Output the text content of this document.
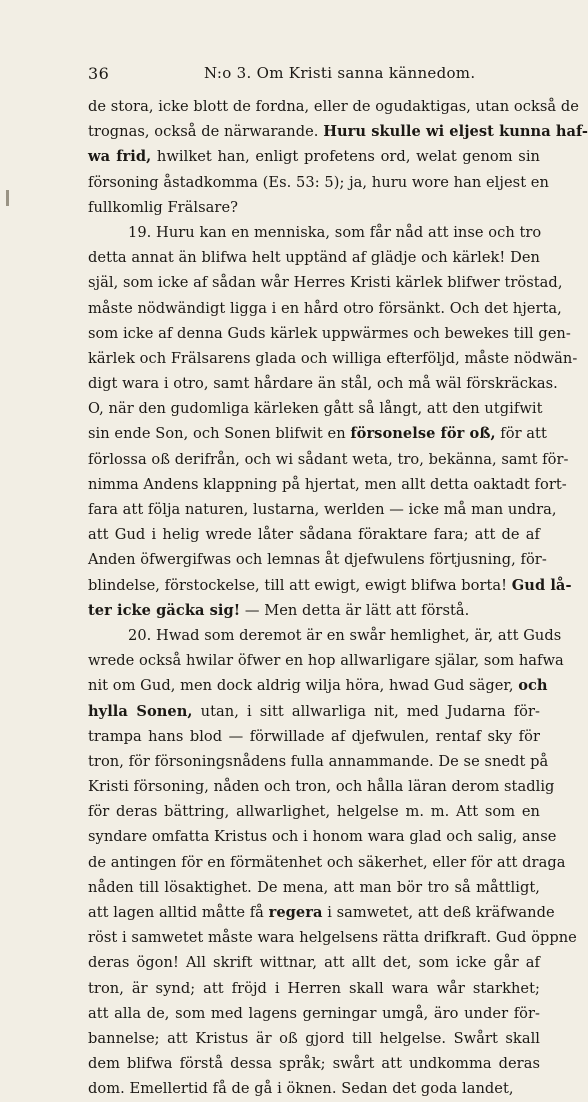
36	N:o 3. Om Kristi sanna kännedom.
de stora, icke blott de fordna, eller de ogudaktigas, utan också de
trognas, också de närwarande. Huru skulle wi eljest kunna haf-
wa frid, hwilket han, enligt profetens ord, welat genom sin
försoning åstadkomma (Es. 53: 5); ja, huru wore han eljest en
fullkomlig Frälsare?
19. Huru kan en menniska, som får nåd att inse och tro
detta annat än blifwa helt upptänd af glädje och kärlek! Den
själ, som icke af sådan wår Herres Kristi kärlek blifwer tröstad,
måste nödwändigt ligga i en hård otro försänkt. Och det hjerta,
som icke af denna Guds kärlek uppwärmes och bewekes till gen-
kärlek och Frälsarens glada och williga efterföljd, måste nödwän-
digt wara i otro, samt hårdare än stål, och må wäl förskräckas.
O, när den gudomliga kärleken gått så långt, att den utgifwit
sin ende Son, och Sonen blifwit en försonelse för oß, för att
förlossa oß derifrån, och wi sådant weta, tro, bekänna, samt för-
nimma Andens klappning på hjertat, men allt detta oaktadt fort-
fara att följa naturen, lustarna, werlden — icke må man undra,
att Gud i helig wrede låter sådana föraktare fara; att de af
Anden öfwergifwas och lemnas åt djefwulens förtjusning, för-
blindelse, förstockelse, till att ewigt, ewigt blifwa borta! Gud lå-
ter icke gäcka sig! — Men detta är lätt att förstå.
20. Hwad som deremot är en swår hemlighet, är, att Guds
wrede också hwilar öfwer en hop allwarligare själar, som hafwa
nit om Gud, men dock aldrig wilja höra, hwad Gud säger, och
hylla Sonen, utan, i sitt allwarliga nit, med Judarna för-
trampa hans blod — förwillade af djefwulen, rentaf sky för
tron, för försoningsnådens fulla annammande. De se snedt på
Kristi försoning, nåden och tron, och hålla läran derom stadlig
för deras bättring, allwarlighet, helgelse m. m. Att som en
syndare omfatta Kristus och i honom wara glad och salig, anse
de antingen för en förmätenhet och säkerhet, eller för att draga
nåden till lösaktighet. De mena, att man bör tro så måttligt,
att lagen alltid måtte få regera i samwetet, att deß kräfwande
röst i samwetet måste wara helgelsens rätta drifkraft. Gud öppne
deras ögon! All skrift wittnar, att allt det, som icke går af
tron, är synd; att fröjd i Herren skall wara wår starkhet;
att alla de, som med lagens gerningar umgå, äro under för-
bannelse; att Kristus är oß gjord till helgelse. Swårt skall
dem blifwa förstå dessa språk; swårt att undkomma deras
dom. Emellertid få de gå i öknen. Sedan det goda landet,
